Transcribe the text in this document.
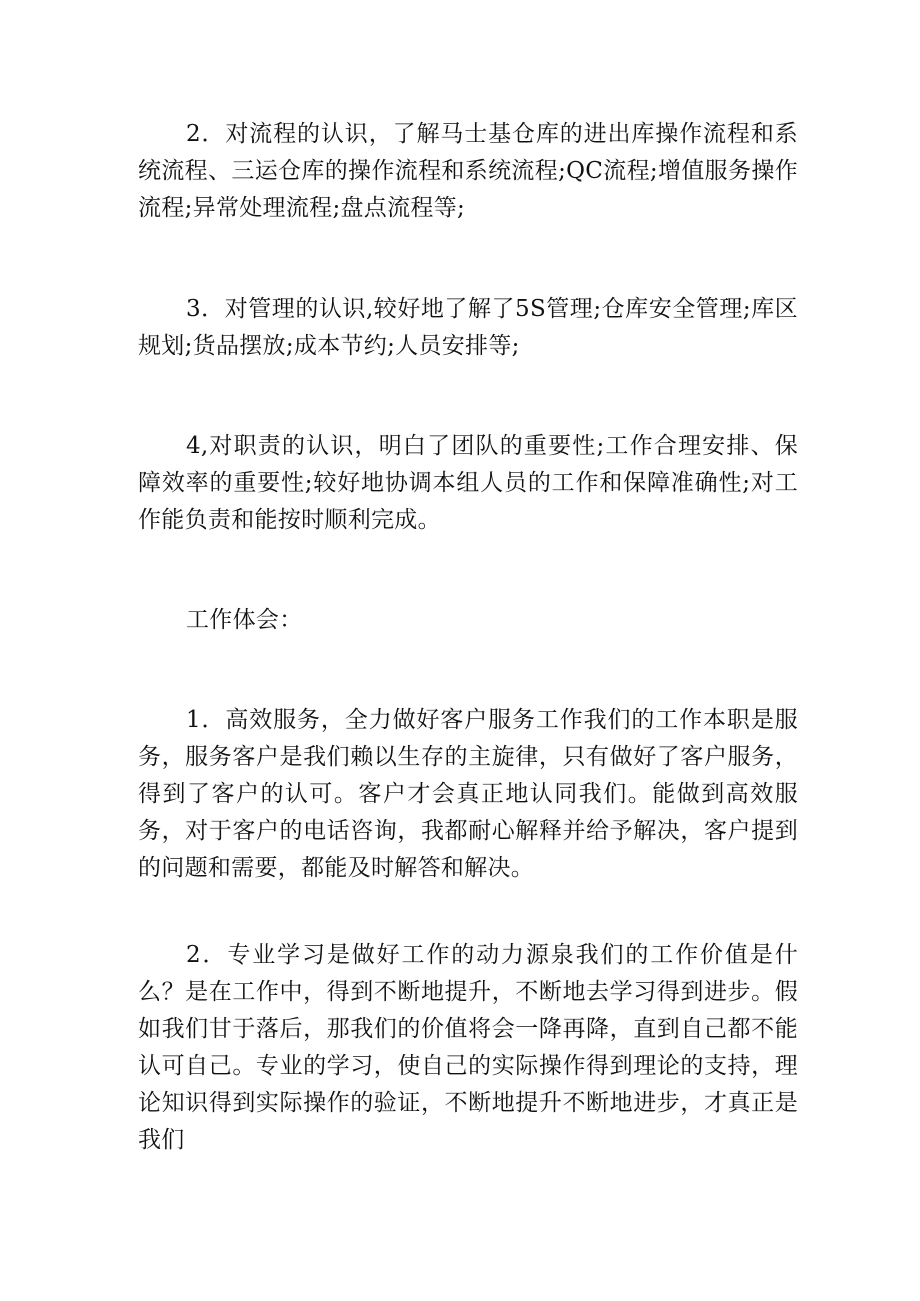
2．对流程的认识，了解马士基仓库的进出库操作流程和系统流程、三运仓库的操作流程和系统流程;QC流程;增值服务操作流程;异常处理流程;盘点流程等;

3．对管理的认识,较好地了解了5S管理;仓库安全管理;库区规划;货品摆放;成本节约;人员安排等;

4,对职责的认识，明白了团队的重要性;工作合理安排、保障效率的重要性;较好地协调本组人员的工作和保障准确性;对工作能负责和能按时顺利完成。

工作体会：

1．高效服务，全力做好客户服务工作我们的工作本职是服务，服务客户是我们赖以生存的主旋律，只有做好了客户服务，得到了客户的认可。客户才会真正地认同我们。能做到高效服务，对于客户的电话咨询，我都耐心解释并给予解决，客户提到的问题和需要，都能及时解答和解决。

2．专业学习是做好工作的动力源泉我们的工作价值是什么？是在工作中，得到不断地提升，不断地去学习得到进步。假如我们甘于落后，那我们的价值将会一降再降，直到自己都不能认可自己。专业的学习，使自己的实际操作得到理论的支持，理论知识得到实际操作的验证，不断地提升不断地进步，才真正是我们
